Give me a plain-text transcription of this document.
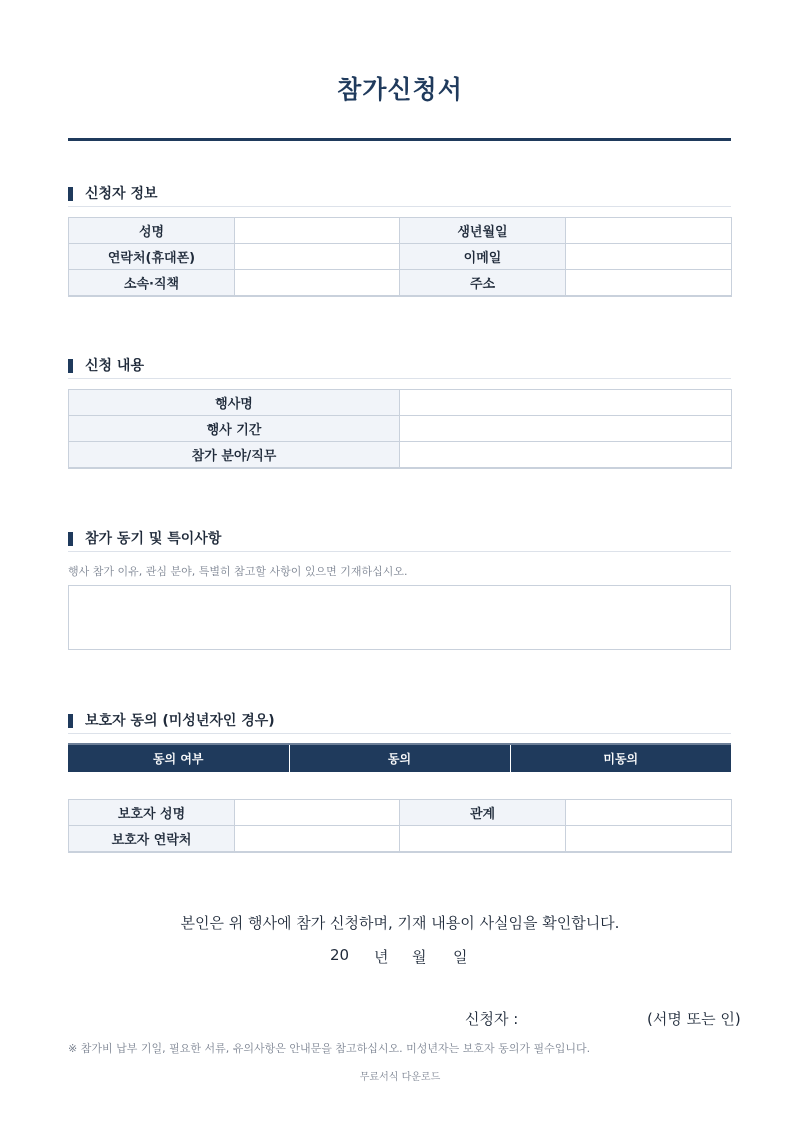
참가신청서
신청자 정보
성명		생년월일	
연락처(휴대폰)		이메일	
소속·직책		주소	
신청 내용
행사명	
행사 기간	
참가 분야/직무	
참가 동기 및 특이사항
행사 참가 이유, 관심 분야, 특별히 참고할 사항이 있으면 기재하십시오.
보호자 동의 (미성년자인 경우)
동의 여부	동의	미동의
보호자 성명		관계	
보호자 연락처			
본인은 위 행사에 참가 신청하며, 기재 내용이 사실임을 확인합니다.
20 년 월 일
신청자 :	(서명 또는 인)
※ 참가비 납부 기일, 필요한 서류, 유의사항은 안내문을 참고하십시오. 미성년자는 보호자 동의가 필수입니다.
무료서식 다운로드
